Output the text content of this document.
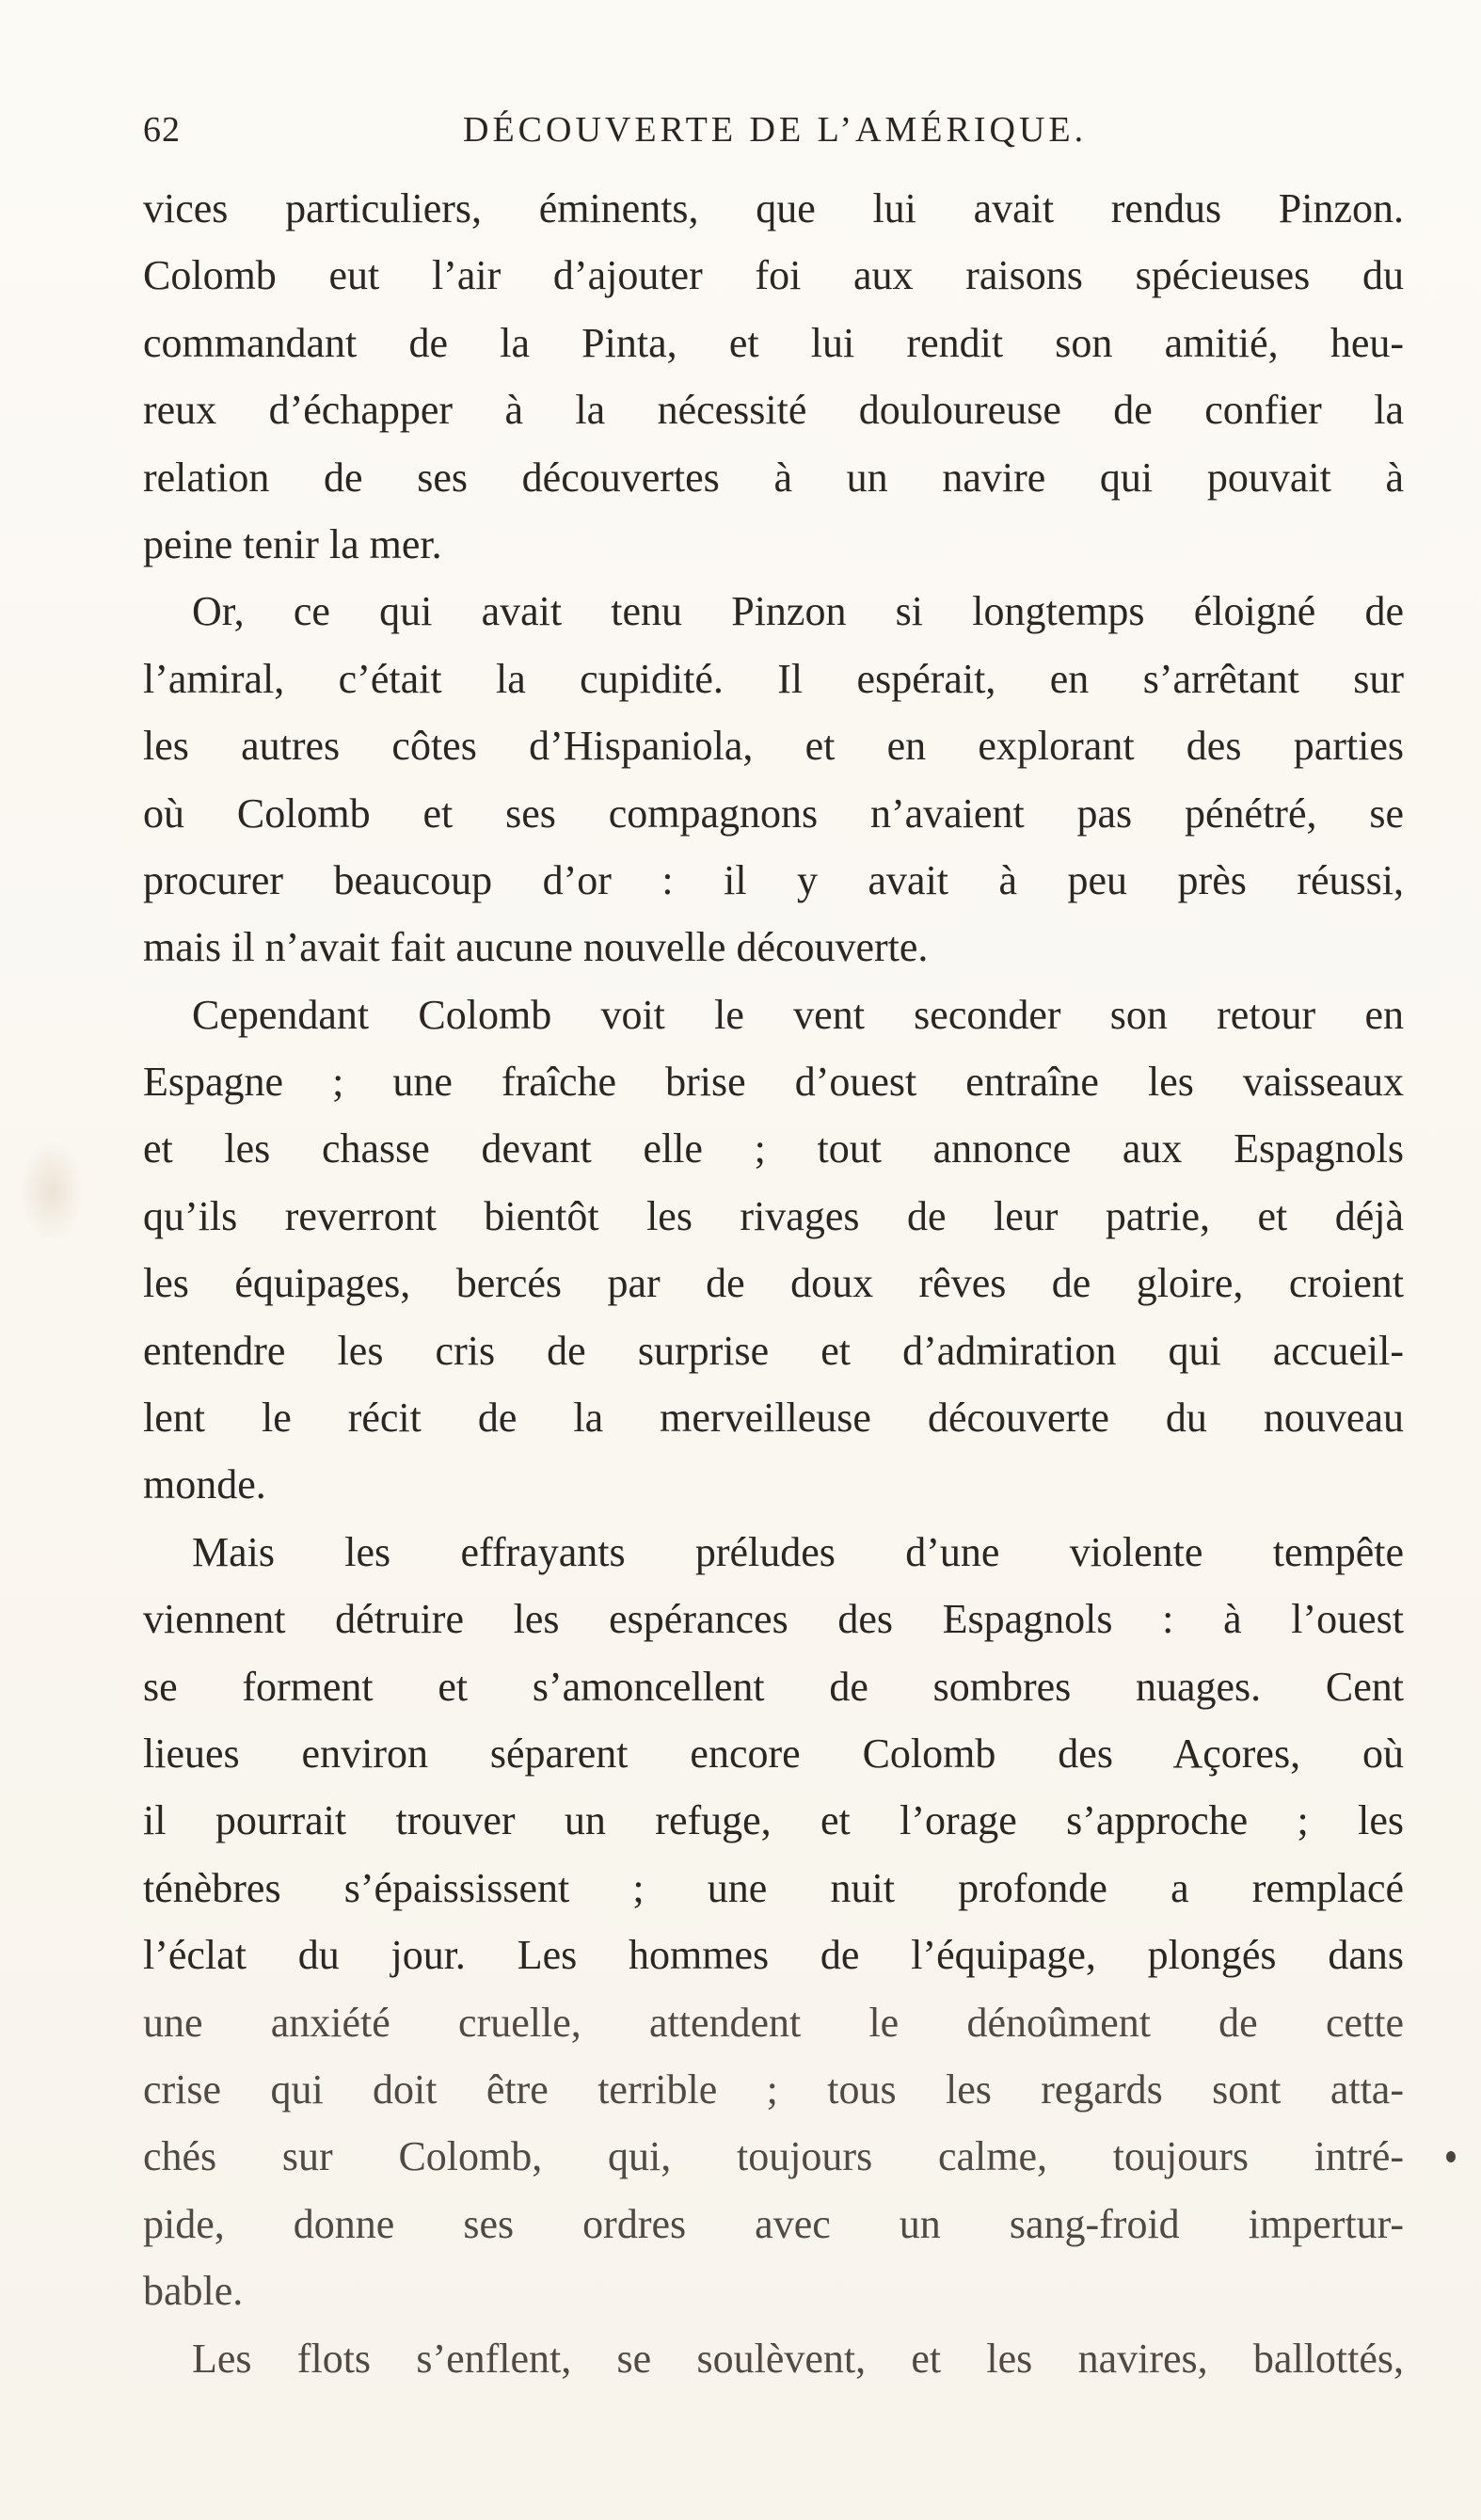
62	DÉCOUVERTE DE L’AMÉRIQUE.
vices particuliers, éminents, que lui avait rendus Pinzon.
Colomb eut l’air d’ajouter foi aux raisons spécieuses du
commandant de la Pinta, et lui rendit son amitié, heu-
reux d’échapper à la nécessité douloureuse de confier la
relation de ses découvertes à un navire qui pouvait à
peine tenir la mer.
Or, ce qui avait tenu Pinzon si longtemps éloigné de
l’amiral, c’était la cupidité. Il espérait, en s’arrêtant sur
les autres côtes d’Hispaniola, et en explorant des parties
où Colomb et ses compagnons n’avaient pas pénétré, se
procurer beaucoup d’or : il y avait à peu près réussi,
mais il n’avait fait aucune nouvelle découverte.
Cependant Colomb voit le vent seconder son retour en
Espagne ; une fraîche brise d’ouest entraîne les vaisseaux
et les chasse devant elle ; tout annonce aux Espagnols
qu’ils reverront bientôt les rivages de leur patrie, et déjà
les équipages, bercés par de doux rêves de gloire, croient
entendre les cris de surprise et d’admiration qui accueil-
lent le récit de la merveilleuse découverte du nouveau
monde.
Mais les effrayants préludes d’une violente tempête
viennent détruire les espérances des Espagnols : à l’ouest
se forment et s’amoncellent de sombres nuages. Cent
lieues environ séparent encore Colomb des Açores, où
il pourrait trouver un refuge, et l’orage s’approche ; les
ténèbres s’épaississent ; une nuit profonde a remplacé
l’éclat du jour. Les hommes de l’équipage, plongés dans
une anxiété cruelle, attendent le dénoûment de cette
crise qui doit être terrible ; tous les regards sont atta-
chés sur Colomb, qui, toujours calme, toujours intré-
pide, donne ses ordres avec un sang-froid impertur-
bable.
Les flots s’enflent, se soulèvent, et les navires, ballottés,
